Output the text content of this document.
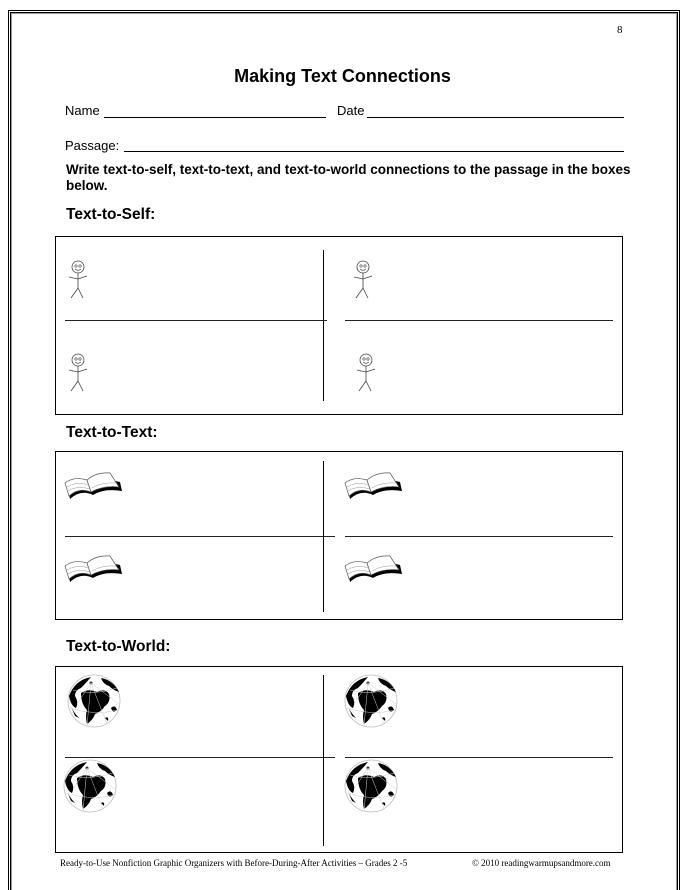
8
Making Text Connections
Name	Date
Passage:
Write text-to-self, text-to-text, and text-to-world connections to the passage in the boxes below.
Text-to-Self:
Text-to-Text:
Text-to-World:
Ready-to-Use Nonfiction Graphic Organizers with Before-During-After Activities – Grades 2 -5	© 2010 readingwarmupsandmore.com
